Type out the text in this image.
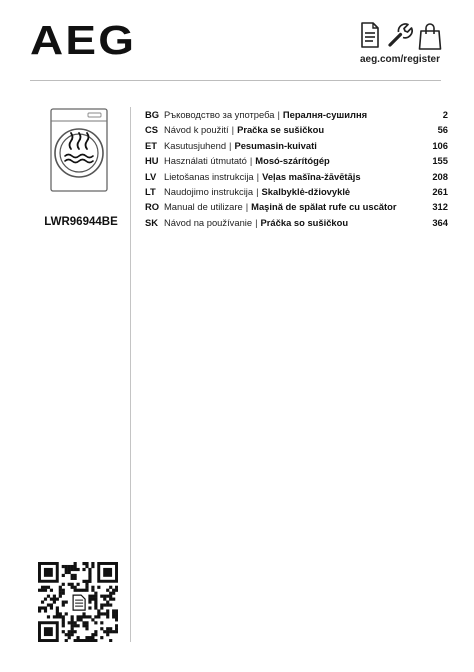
AEG	aeg.com/register
LWR96944BE
BG Ръководство за употреба | Пералня-сушилня	2
CS Návod k použití | Pračka se sušičkou	56
ET Kasutusjuhend | Pesumasin-kuivati	106
HU Használati útmutató | Mosó-szárítógép	155
LV Lietošanas instrukcija | Veļas mašīna-žāvētājs	208
LT Naudojimo instrukcija | Skalbyklė-džiovyklė	261
RO Manual de utilizare | Maşină de spălat rufe cu uscător	312
SK Návod na používanie | Práčka so sušičkou	364
